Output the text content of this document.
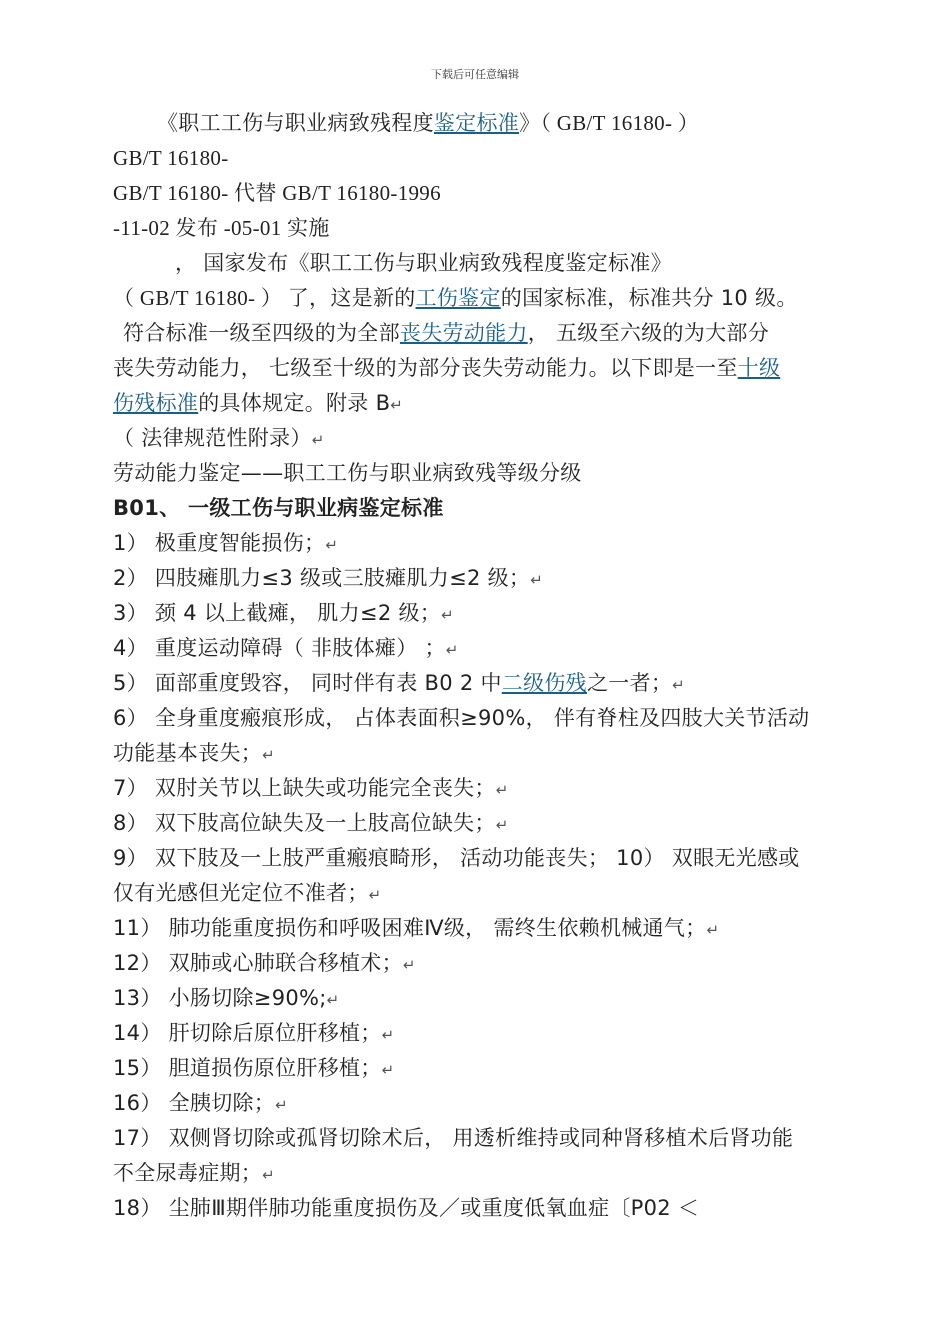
下载后可任意编辑
《职工工伤与职业病致残程度鉴定标准》（ GB/T 16180- ）
GB/T 16180-
GB/T 16180- 代替 GB/T 16180-1996
-11-02 发布 -05-01 实施
， 国家发布《职工工伤与职业病致残程度鉴定标准》
（ GB/T 16180- ） 了，这是新的工伤鉴定的国家标准，标准共分 10 级。
符合标准一级至四级的为全部丧失劳动能力， 五级至六级的为大部分
丧失劳动能力， 七级至十级的为部分丧失劳动能力。以下即是一至十级
伤残标准的具体规定。附录 B↵
（ 法律规范性附录）↵
劳动能力鉴定——职工工伤与职业病致残等级分级
B01、 一级工伤与职业病鉴定标准
1） 极重度智能损伤；↵
2） 四肢瘫肌力≤3 级或三肢瘫肌力≤2 级；↵
3） 颈 4 以上截瘫， 肌力≤2 级；↵
4） 重度运动障碍（ 非肢体瘫） ；↵
5） 面部重度毁容， 同时伴有表 B0 2 中二级伤残之一者；↵
6） 全身重度瘢痕形成， 占体表面积≥90%， 伴有脊柱及四肢大关节活动
功能基本丧失；↵
7） 双肘关节以上缺失或功能完全丧失；↵
8） 双下肢高位缺失及一上肢高位缺失；↵
9） 双下肢及一上肢严重瘢痕畸形， 活动功能丧失； 10） 双眼无光感或
仅有光感但光定位不准者；↵
11） 肺功能重度损伤和呼吸困难Ⅳ级， 需终生依赖机械通气；↵
12） 双肺或心肺联合移植术；↵
13） 小肠切除≥90%;↵
14） 肝切除后原位肝移植；↵
15） 胆道损伤原位肝移植；↵
16） 全胰切除；↵
17） 双侧肾切除或孤肾切除术后， 用透析维持或同种肾移植术后肾功能
不全尿毒症期；↵
18） 尘肺Ⅲ期伴肺功能重度损伤及／或重度低氧血症〔P02 ＜
